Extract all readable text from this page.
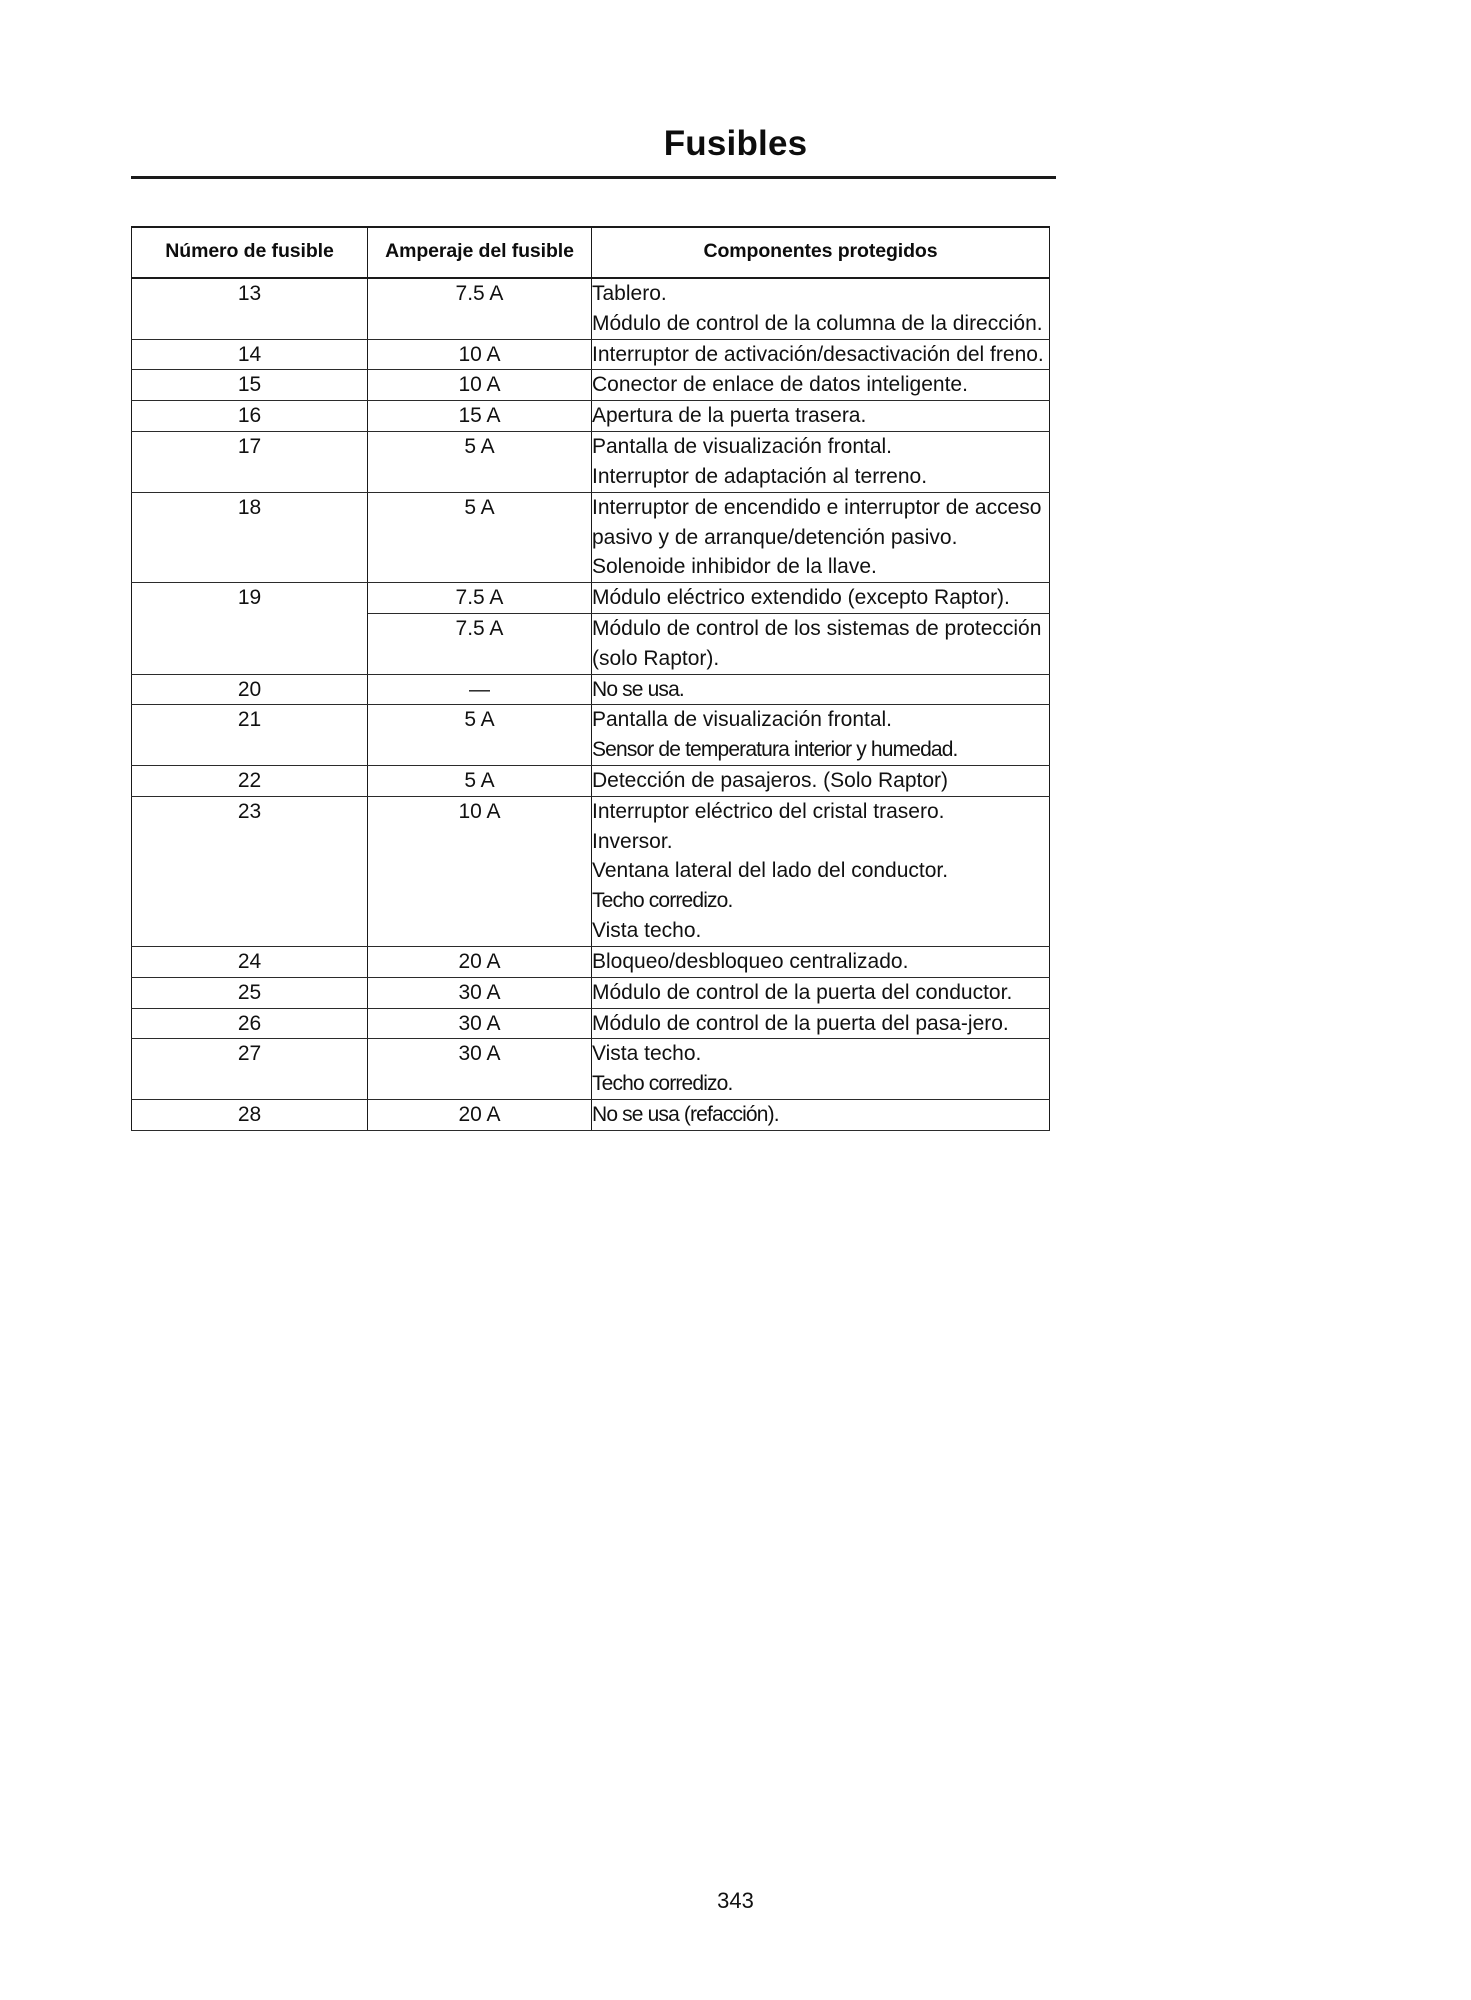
Fusibles
Número de fusible	Amperaje del fusible	Componentes protegidos
13	7.5 A	Tablero.
Módulo de control de la columna de la dirección.

14	10 A	Interruptor de activación/desactivación del freno.

15	10 A	Conector de enlace de datos inteligente.

16	15 A	Apertura de la puerta trasera.

17	5 A	Pantalla de visualización frontal.
Interruptor de adaptación al terreno.

18	5 A	Interruptor de encendido e interruptor de acceso pasivo y de arranque/detención pasivo.
Solenoide inhibidor de la llave.

19	7.5 A	Módulo eléctrico extendido (excepto Raptor).

	7.5 A	Módulo de control de los sistemas de protección (solo Raptor).

20	—	No se usa.

21	5 A	Pantalla de visualización frontal.
Sensor de temperatura interior y humedad.

22	5 A	Detección de pasajeros. (Solo Raptor)

23	10 A	Interruptor eléctrico del cristal trasero.
Inversor.
Ventana lateral del lado del conductor.
Techo corredizo.
Vista techo.

24	20 A	Bloqueo/desbloqueo centralizado.

25	30 A	Módulo de control de la puerta del conductor.

26	30 A	Módulo de control de la puerta del pasa-jero.

27	30 A	Vista techo.
Techo corredizo.

28	20 A	No se usa (refacción).
343
